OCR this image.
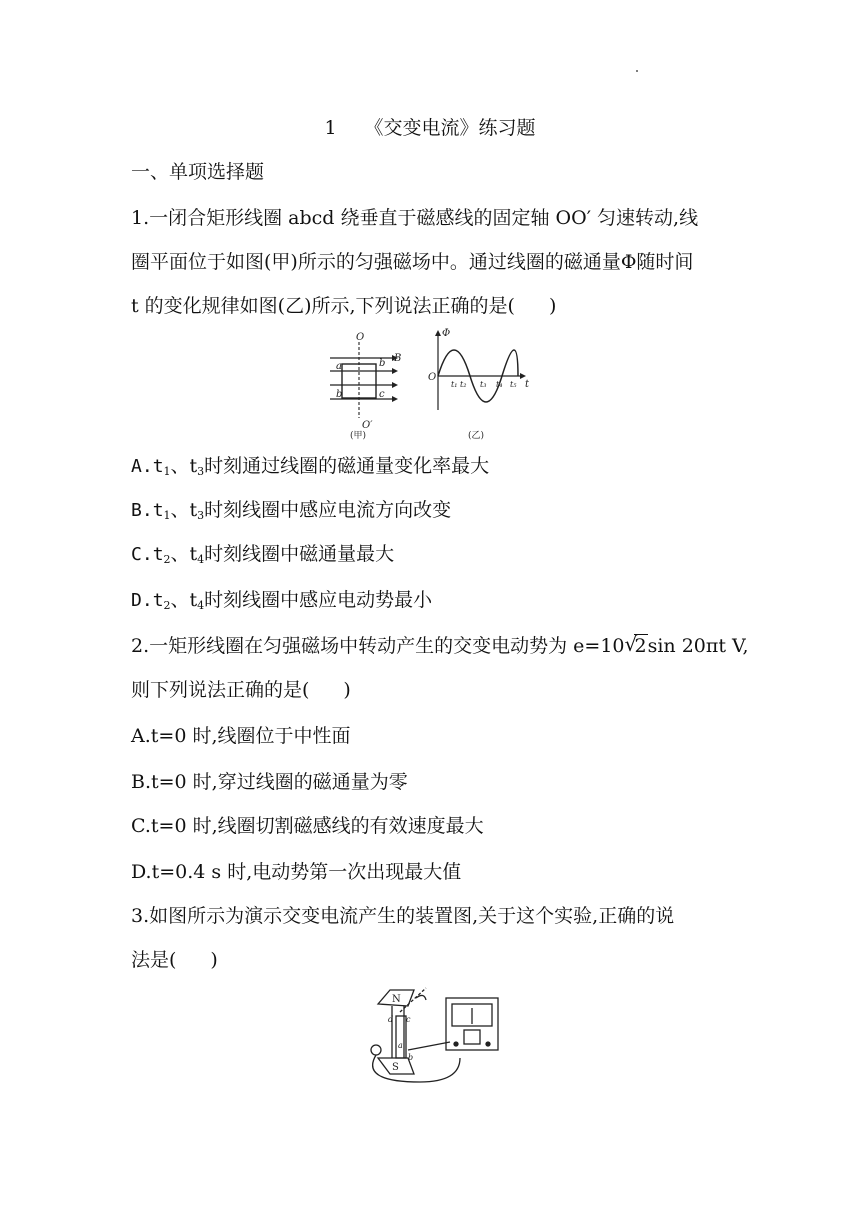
1 《交变电流》练习题
一、单项选择题
1.一闭合矩形线圈 abcd 绕垂直于磁感线的固定轴 OO′ 匀速转动,线
圈平面位于如图(甲)所示的匀强磁场中。通过线圈的磁通量Φ随时间
t 的变化规律如图(乙)所示,下列说法正确的是( )
O
O′
B
a	b
b	c
(甲)
Φ
O
t₁ t₂ t₃ t₄ t₅ t
(乙)
$A.t_1$、$t_3$时刻通过线圈的磁通量变化率最大
$B.t_1$、$t_3$时刻线圈中感应电流方向改变
$C.t_2$、$t_4$时刻线圈中磁通量最大
$D.t_2$、$t_4$时刻线圈中感应电动势最小
2.一矩形线圈在匀强磁场中转动产生的交变电动势为 e=10 √
2sin 20πt V,
则下列说法正确的是( )
A.t=0 时,线圈位于中性面
B.t=0 时,穿过线圈的磁通量为零
C.t=0 时,线圈切割磁感线的有效速度最大
D.t=0.4 s 时,电动势第一次出现最大值
3.如图所示为演示交变电流产生的装置图,关于这个实验,正确的说
法是( )
N
S
a
b
c
d
